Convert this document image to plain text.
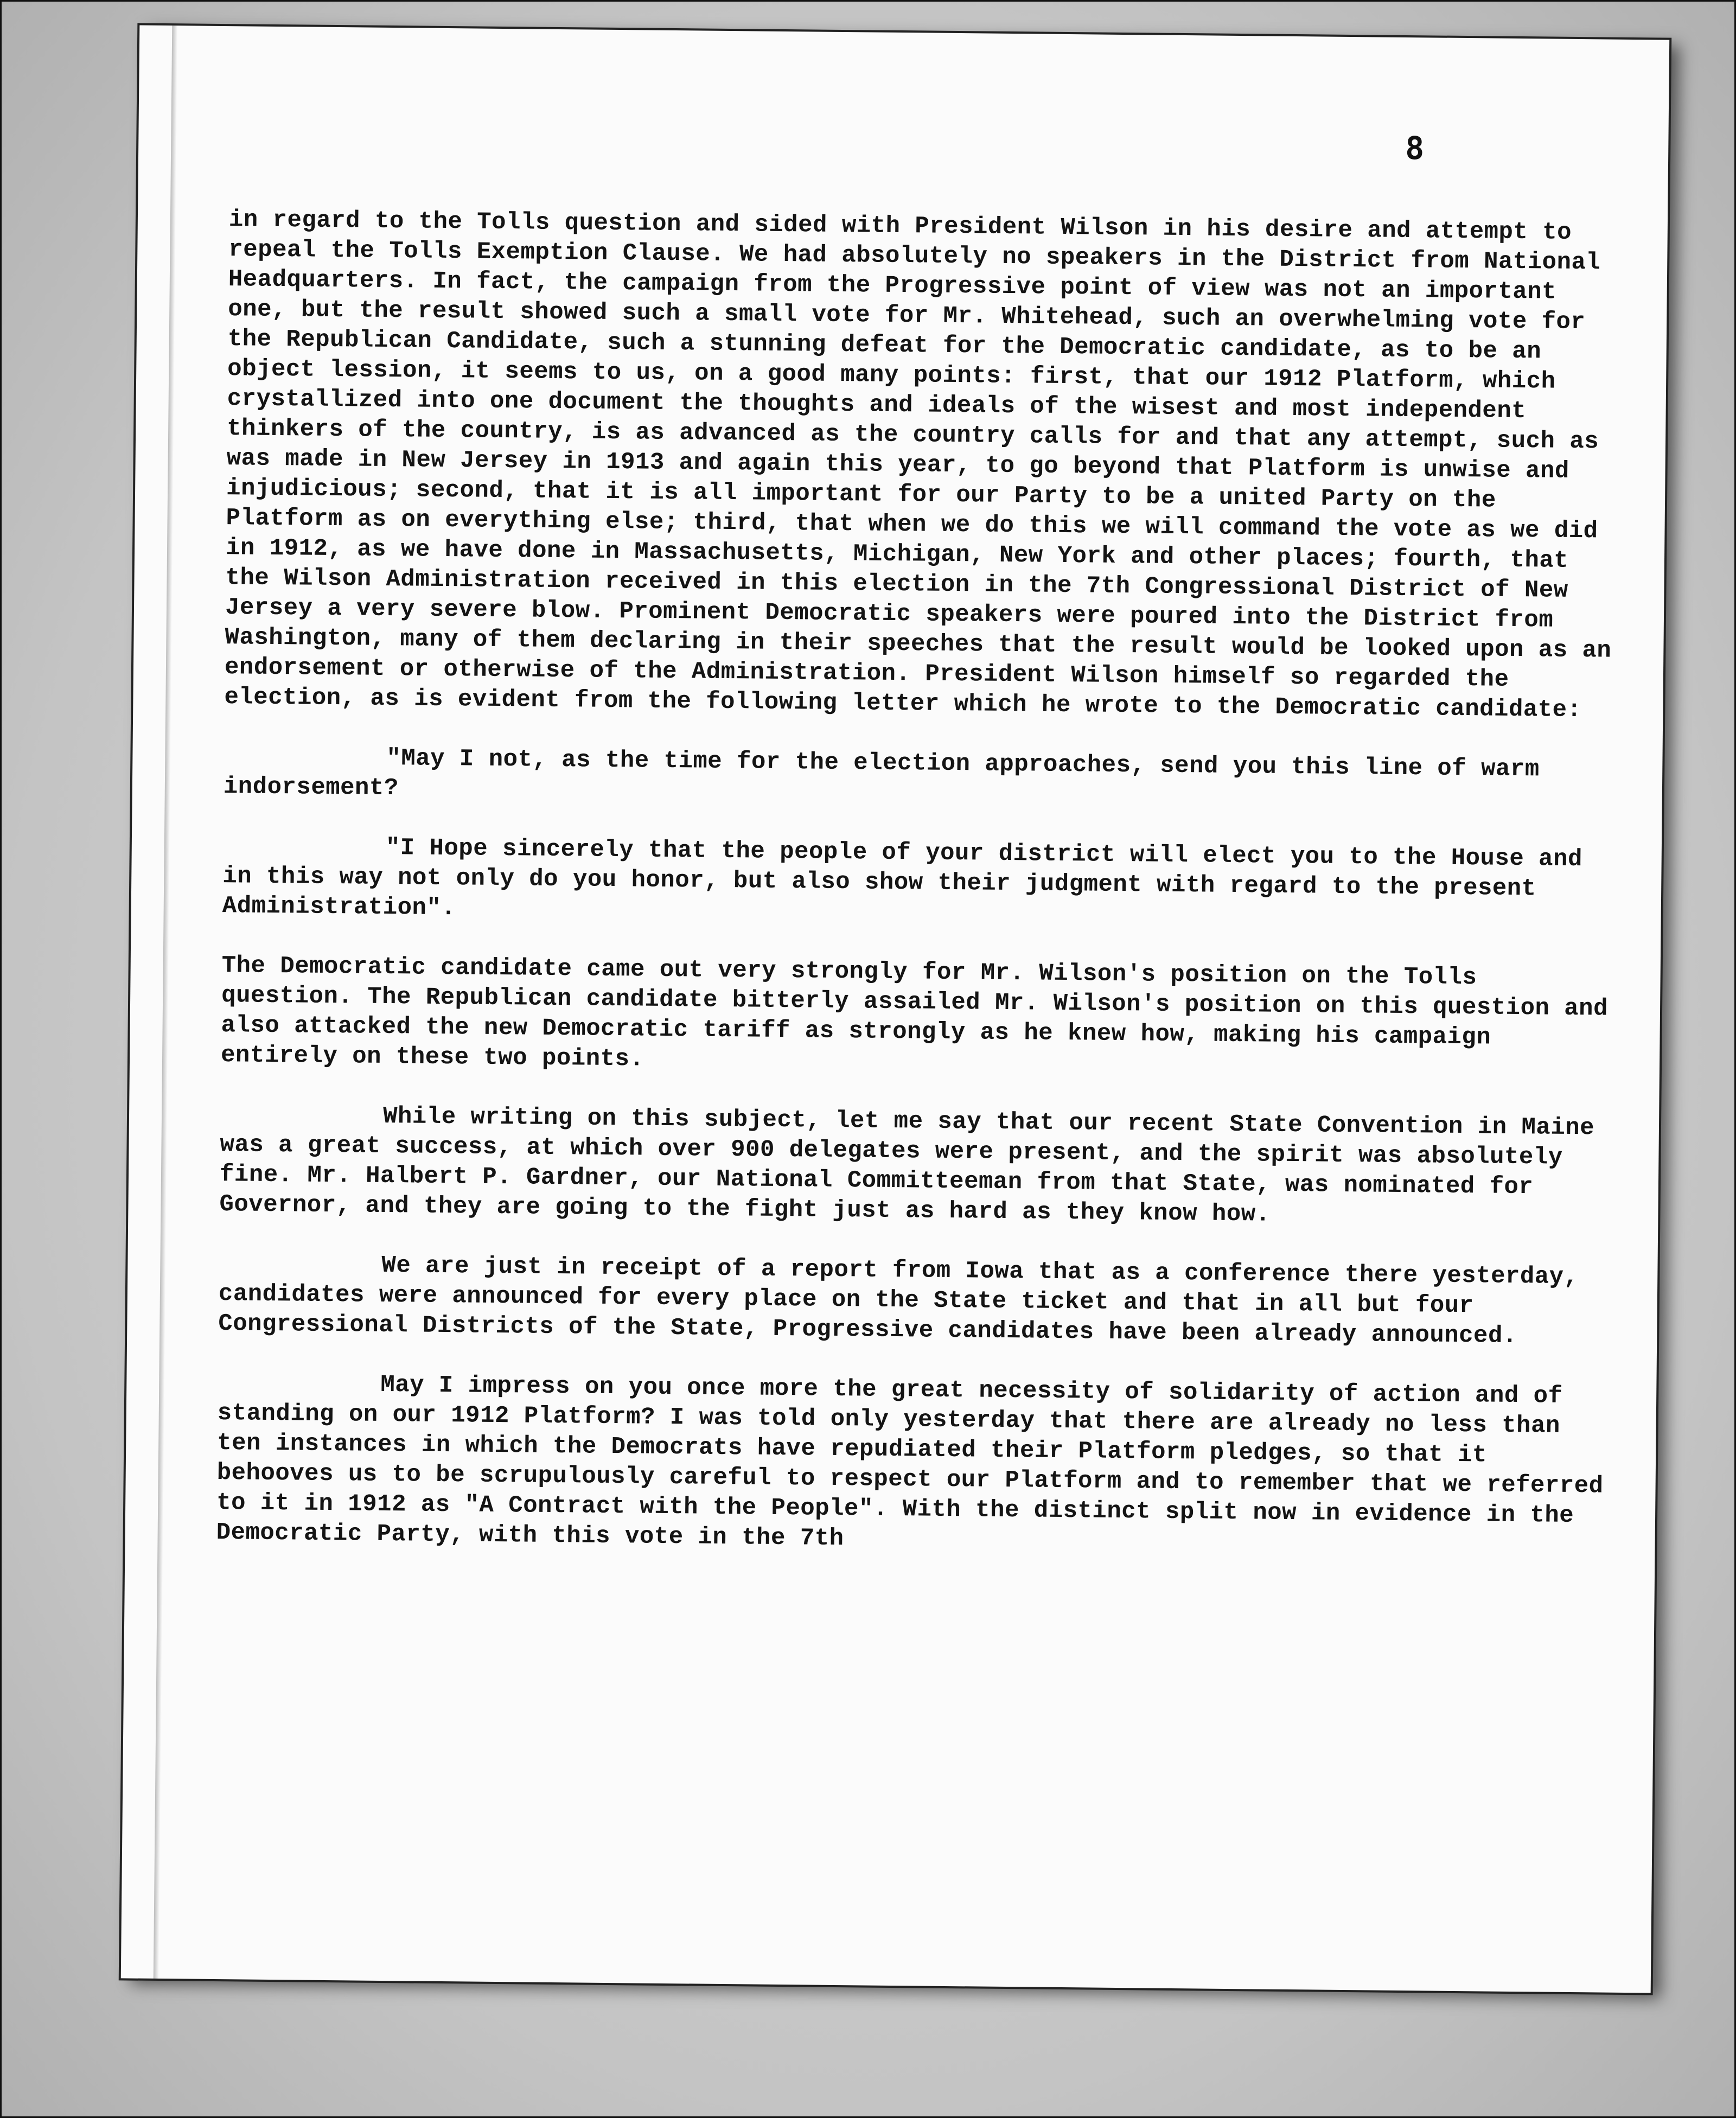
8

in regard to the Tolls question and sided with President Wilson in his desire and attempt to repeal the Tolls Exemption Clause. We had absolutely no speakers in the District from National Headquarters. In fact, the campaign from the Progressive point of view was not an important one, but the result showed such a small vote for Mr. Whitehead, such an overwhelming vote for the Republican Candidate, such a stunning defeat for the Democratic candidate, as to be an object lession, it seems to us, on a good many points: first, that our 1912 Platform, which crystallized into one document the thoughts and ideals of the wisest and most independent thinkers of the country, is as advanced as the country calls for and that any attempt, such as was made in New Jersey in 1913 and again this year, to go beyond that Platform is unwise and injudicious; second, that it is all important for our Party to be a united Party on the Platform as on everything else; third, that when we do this we will command the vote as we did in 1912, as we have done in Massachusetts, Michigan, New York and other places; fourth, that the Wilson Administration received in this election in the 7th Congressional District of New Jersey a very severe blow. Prominent Democratic speakers were poured into the District from Washington, many of them declaring in their speeches that the result would be looked upon as an endorsement or otherwise of the Administration. President Wilson himself so regarded the election, as is evident from the following letter which he wrote to the Democratic candidate:

"May I not, as the time for the election approaches, send you this line of warm indorsement?

"I Hope sincerely that the people of your district will elect you to the House and in this way not only do you honor, but also show their judgment with regard to the present Administration".

The Democratic candidate came out very strongly for Mr. Wilson's position on the Tolls question. The Republican candidate bitterly assailed Mr. Wilson's position on this question and also attacked the new Democratic tariff as strongly as he knew how, making his campaign entirely on these two points.

While writing on this subject, let me say that our recent State Convention in Maine was a great success, at which over 900 delegates were present, and the spirit was absolutely fine. Mr. Halbert P. Gardner, our National Committeeman from that State, was nominated for Governor, and they are going to the fight just as hard as they know how.

We are just in receipt of a report from Iowa that as a conference there yesterday, candidates were announced for every place on the State ticket and that in all but four Congressional Districts of the State, Progressive candidates have been already announced.

May I impress on you once more the great necessity of solidarity of action and of standing on our 1912 Platform? I was told only yesterday that there are already no less than ten instances in which the Democrats have repudiated their Platform pledges, so that it behooves us to be scrupulously careful to respect our Platform and to remember that we referred to it in 1912 as "A Contract with the People". With the distinct split now in evidence in the Democratic Party, with this vote in the 7th
